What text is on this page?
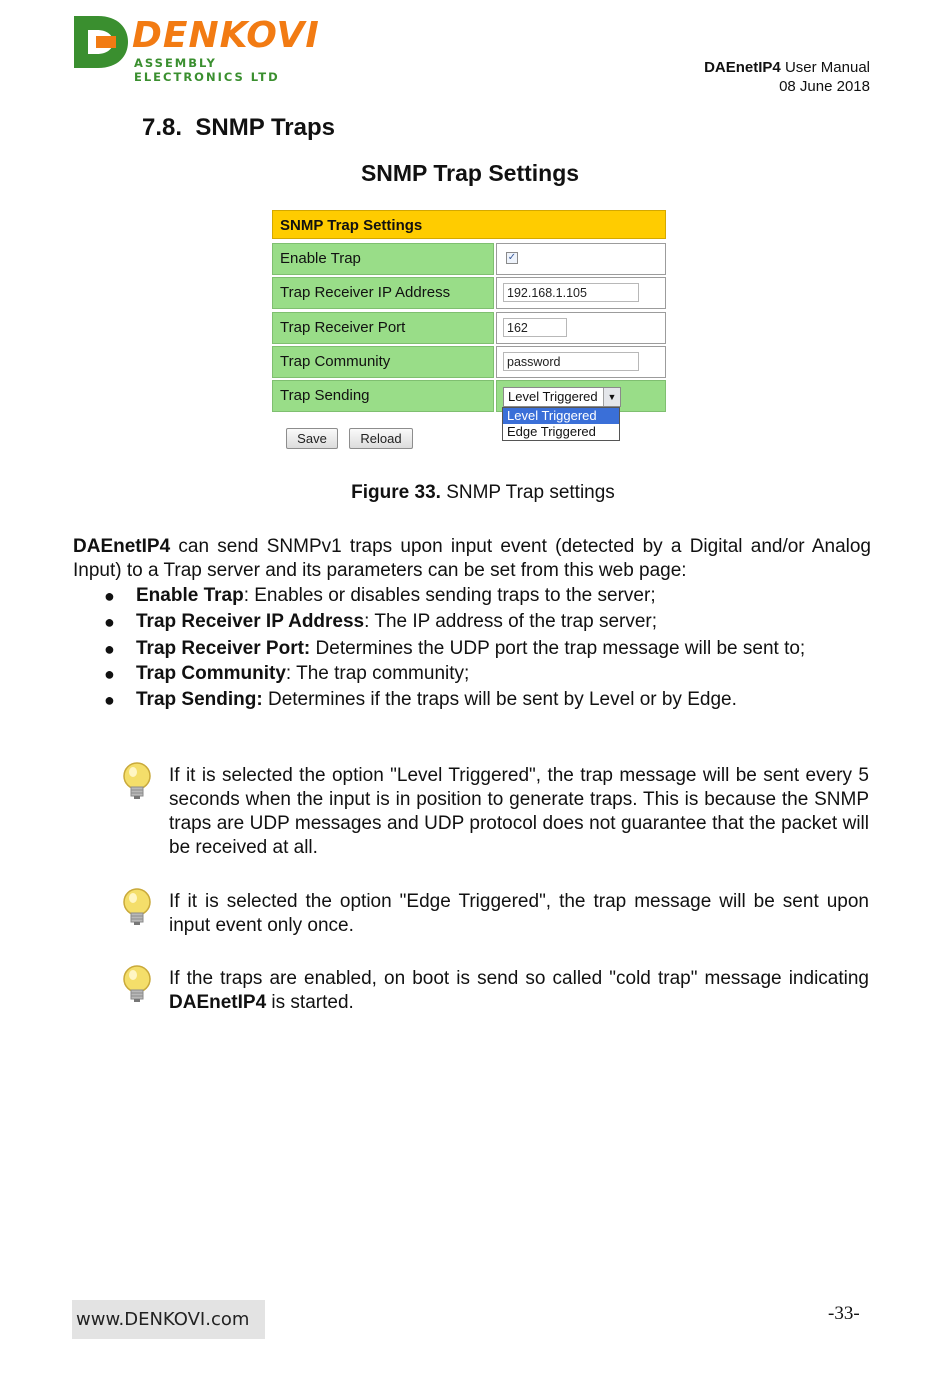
DENKOVI
ASSEMBLY ELECTRONICS LTD
DAEnetIP4 User Manual
08 June 2018
7.8. SNMP Traps
SNMP Trap Settings
SNMP Trap Settings
Enable Trap	✓
Trap Receiver IP Address	192.168.1.105
Trap Receiver Port	162
Trap Community	password
Trap Sending	Level Triggered	▼
Level Triggered
Edge Triggered
Save	Reload
Figure 33. SNMP Trap settings
DAEnetIP4 can send SNMPv1 traps upon input event (detected by a Digital and/or Analog Input) to a Trap server and its parameters can be set from this web page:
● Enable Trap: Enables or disables sending traps to the server;
● Trap Receiver IP Address: The IP address of the trap server;
● Trap Receiver Port: Determines the UDP port the trap message will be sent to;
● Trap Community: The trap community;
● Trap Sending: Determines if the traps will be sent by Level or by Edge.
If it is selected the option "Level Triggered", the trap message will be sent every 5 seconds when the input is in position to generate traps. This is because the SNMP traps are UDP messages and UDP protocol does not guarantee that the packet will be received at all.
If it is selected the option "Edge Triggered", the trap message will be sent upon input event only once.
If the traps are enabled, on boot is send so called "cold trap" message indicating DAEnetIP4 is started.
www.DENKOVI.com	-33-
